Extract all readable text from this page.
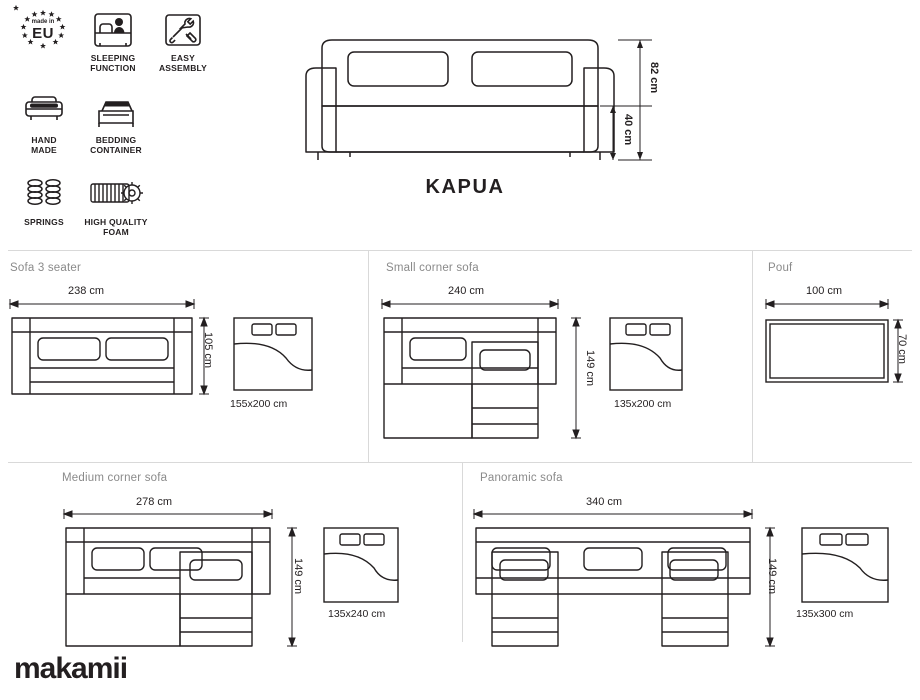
made in
EU
SLEEPING
FUNCTION
EASY
ASSEMBLY
HAND
MADE
BEDDING
CONTAINER
SPRINGS HIGH QUALITY
FOAM
82 cm
40 cm
KAPUA
Sofa 3 seater
238 cm
105 cm
155x200 cm
Small corner sofa
240 cm
149 cm
135x200 cm
Pouf
100 cm
70 cm
Medium corner sofa
278 cm
149 cm
135x240 cm
Panoramic sofa
340 cm
149 cm
135x300 cm
makamii
